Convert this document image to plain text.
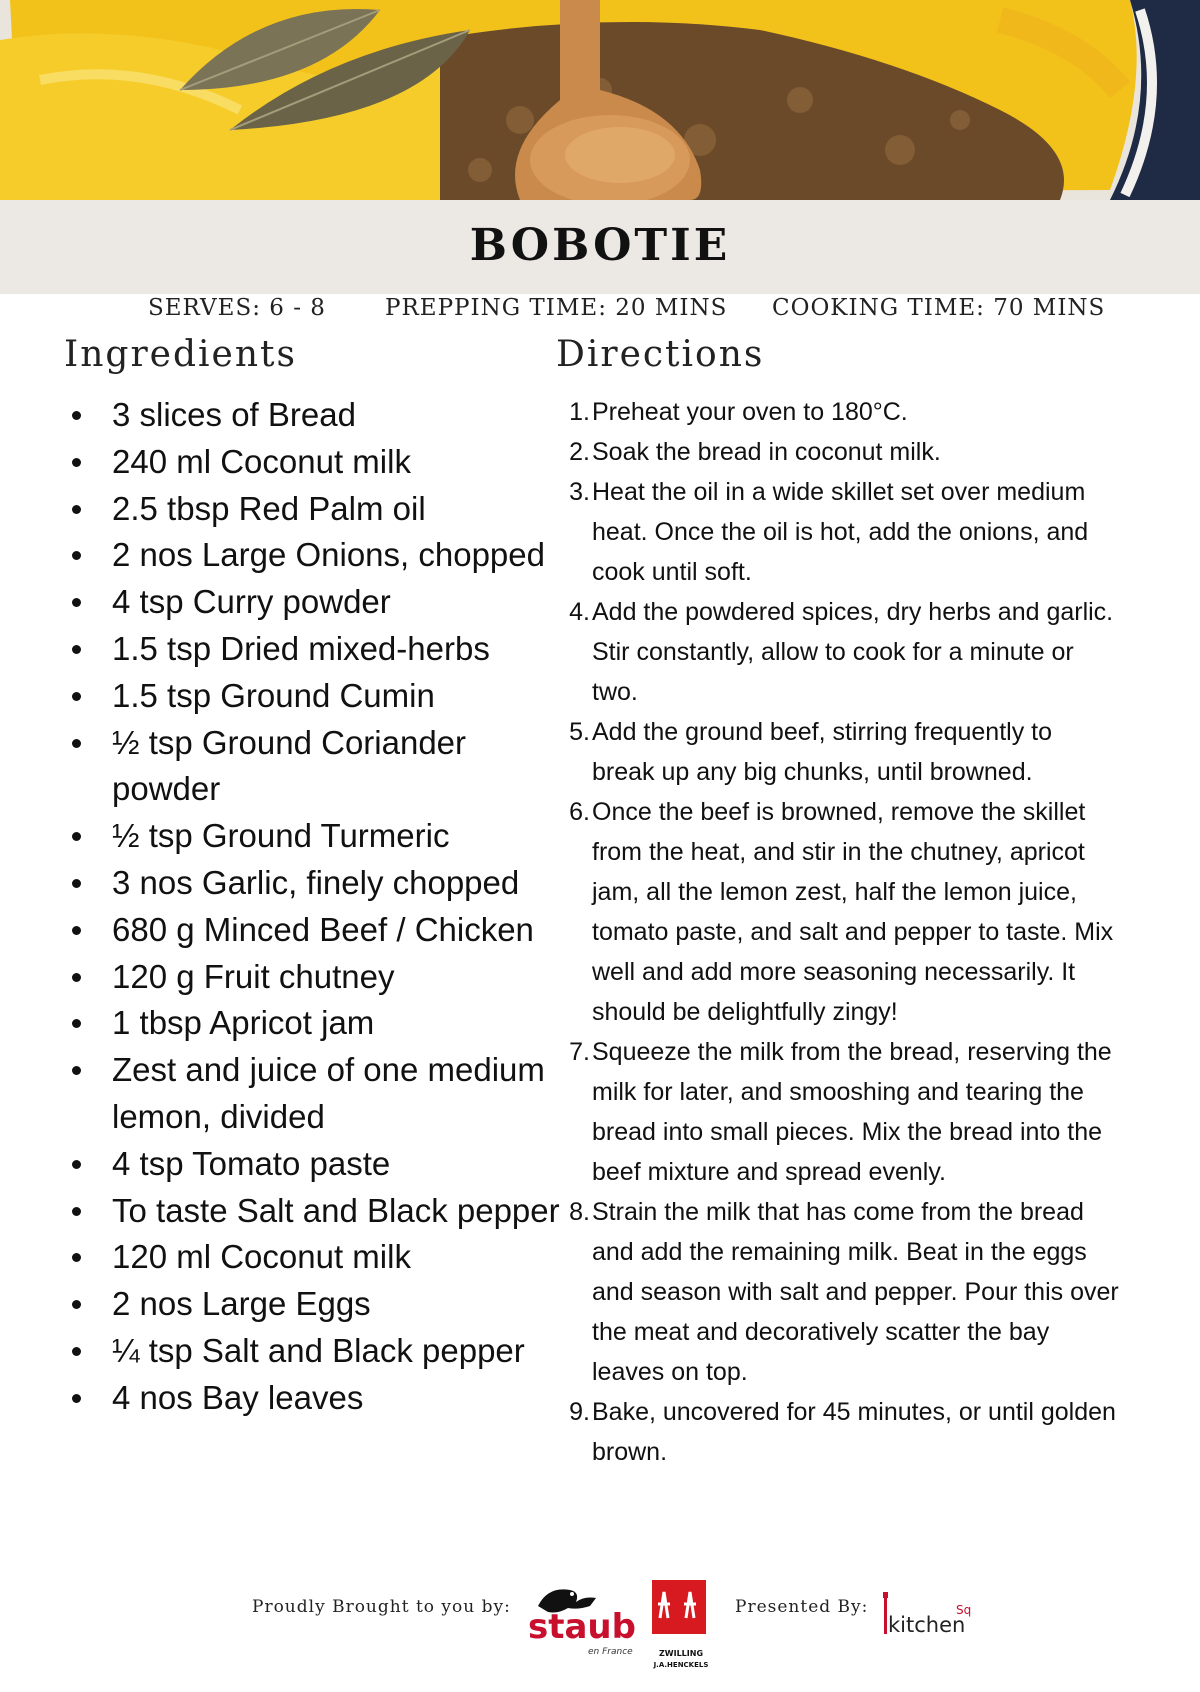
BOBOTIE
SERVES: 6 - 8	PREPPING TIME: 20 MINS COOKING TIME: 70 MINS
Ingredients	Directions
3 slices of Bread
240 ml Coconut milk
2.5 tbsp Red Palm oil
2 nos Large Onions, chopped
4 tsp Curry powder
1.5 tsp Dried mixed-herbs
1.5 tsp Ground Cumin
½ tsp Ground Coriander powder
½ tsp Ground Turmeric
3 nos Garlic, finely chopped
680 g Minced Beef / Chicken
120 g Fruit chutney
1 tbsp Apricot jam
Zest and juice of one medium lemon, divided
4 tsp Tomato paste
To taste Salt and Black pepper
120 ml Coconut milk
2 nos Large Eggs
¼ tsp Salt and Black pepper
4 nos Bay leaves
1. Preheat your oven to 180°C.
2. Soak the bread in coconut milk.
3. Heat the oil in a wide skillet set over medium heat. Once the oil is hot, add the onions, and cook until soft.
4. Add the powdered spices, dry herbs and garlic. Stir constantly, allow to cook for a minute or two.
5. Add the ground beef, stirring frequently to break up any big chunks, until browned.
6. Once the beef is browned, remove the skillet from the heat, and stir in the chutney, apricot jam, all the lemon zest, half the lemon juice, tomato paste, and salt and pepper to taste. Mix well and add more seasoning necessarily. It should be delightfully zingy!
7. Squeeze the milk from the bread, reserving the milk for later, and smooshing and tearing the bread into small pieces. Mix the bread into the beef mixture and spread evenly.
8. Strain the milk that has come from the bread and add the remaining milk. Beat in the eggs and season with salt and pepper. Pour this over the meat and decoratively scatter the bay leaves on top.
9. Bake, uncovered for 45 minutes, or until golden brown.
Proudly Brought to you by:	Presented By:
staub
en France	ZWILLING
J.A.HENCKELS
kitchen
Sq
